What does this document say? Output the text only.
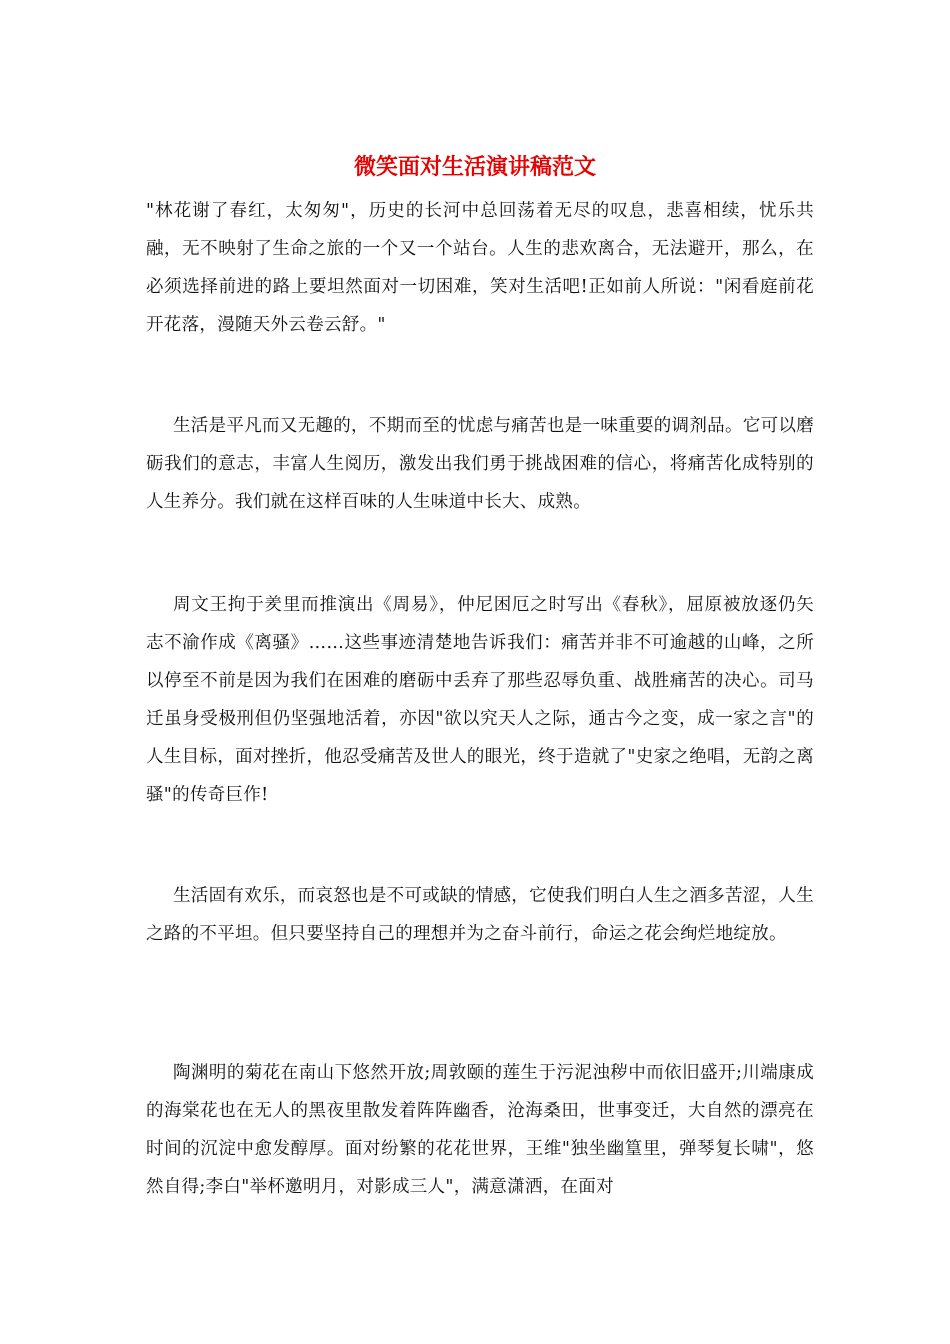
微笑面对生活演讲稿范文

"林花谢了春红，太匆匆"，历史的长河中总回荡着无尽的叹息，悲喜相续，忧乐共融，无不映射了生命之旅的一个又一个站台。人生的悲欢离合，无法避开，那么，在必须选择前进的路上要坦然面对一切困难，笑对生活吧!正如前人所说："闲看庭前花开花落，漫随天外云卷云舒。"

生活是平凡而又无趣的，不期而至的忧虑与痛苦也是一味重要的调剂品。它可以磨砺我们的意志，丰富人生阅历，激发出我们勇于挑战困难的信心，将痛苦化成特别的人生养分。我们就在这样百味的人生味道中长大、成熟。

周文王拘于羑里而推演出《周易》，仲尼困厄之时写出《春秋》，屈原被放逐仍矢志不渝作成《离骚》……这些事迹清楚地告诉我们：痛苦并非不可逾越的山峰，之所以停至不前是因为我们在困难的磨砺中丢弃了那些忍辱负重、战胜痛苦的决心。司马迁虽身受极刑但仍坚强地活着，亦因"欲以究天人之际，通古今之变，成一家之言"的人生目标，面对挫折，他忍受痛苦及世人的眼光，终于造就了"史家之绝唱，无韵之离骚"的传奇巨作!

生活固有欢乐，而哀怒也是不可或缺的情感，它使我们明白人生之酒多苦涩，人生之路的不平坦。但只要坚持自己的理想并为之奋斗前行，命运之花会绚烂地绽放。

陶渊明的菊花在南山下悠然开放;周敦颐的莲生于污泥浊秽中而依旧盛开;川端康成的海棠花也在无人的黑夜里散发着阵阵幽香，沧海桑田，世事变迁，大自然的漂亮在时间的沉淀中愈发醇厚。面对纷繁的花花世界，王维"独坐幽篁里，弹琴复长啸"，悠然自得;李白"举杯邀明月，对影成三人"，满意潇洒，在面对
